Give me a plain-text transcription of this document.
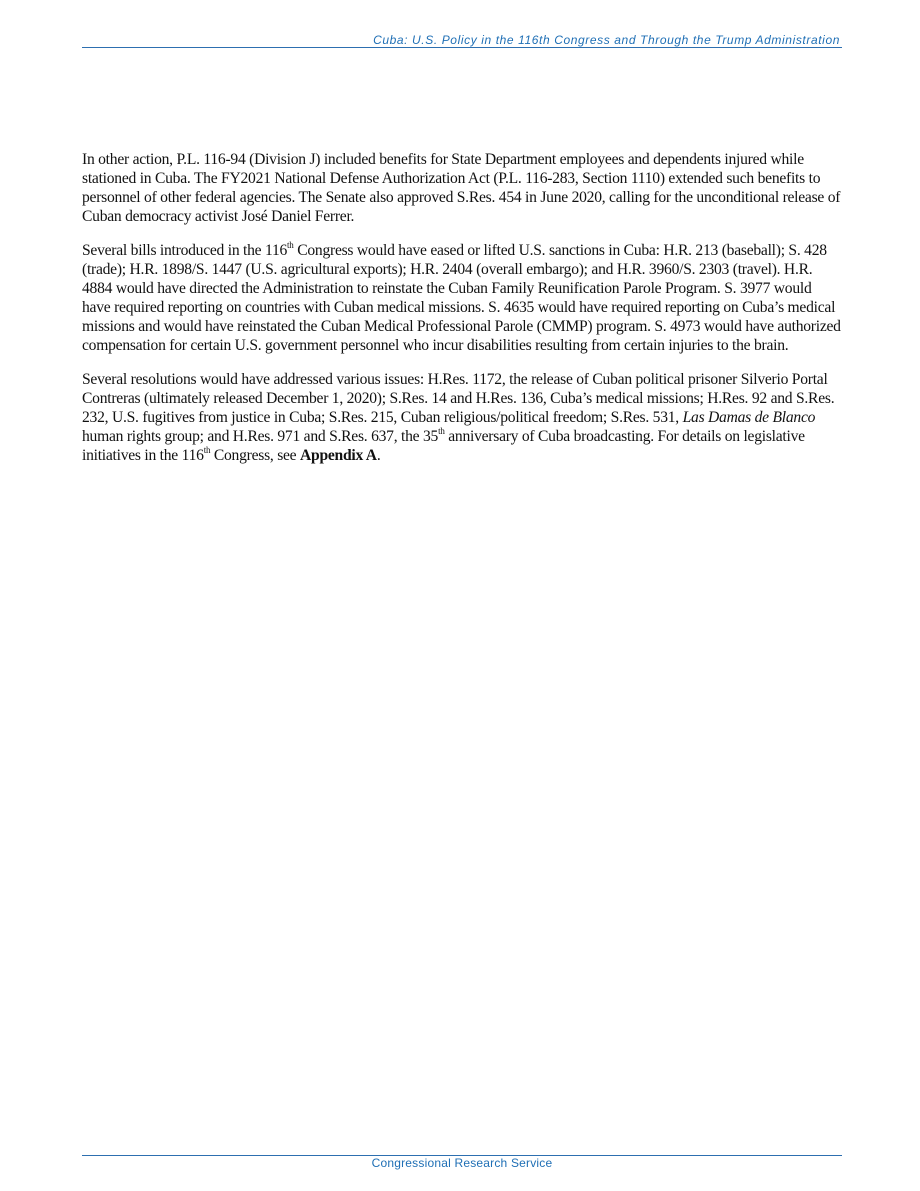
Cuba: U.S. Policy in the 116th Congress and Through the Trump Administration

In other action, P.L. 116-94 (Division J) included benefits for State Department employees and dependents injured while stationed in Cuba. The FY2021 National Defense Authorization Act (P.L. 116-283, Section 1110) extended such benefits to personnel of other federal agencies. The Senate also approved S.Res. 454 in June 2020, calling for the unconditional release of Cuban democracy activist José Daniel Ferrer.

Several bills introduced in the 116th Congress would have eased or lifted U.S. sanctions in Cuba: H.R. 213 (baseball); S. 428 (trade); H.R. 1898/S. 1447 (U.S. agricultural exports); H.R. 2404 (overall embargo); and H.R. 3960/S. 2303 (travel). H.R. 4884 would have directed the Administration to reinstate the Cuban Family Reunification Parole Program. S. 3977 would have required reporting on countries with Cuban medical missions. S. 4635 would have required reporting on Cuba’s medical missions and would have reinstated the Cuban Medical Professional Parole (CMMP) program. S. 4973 would have authorized compensation for certain U.S. government personnel who incur disabilities resulting from certain injuries to the brain.

Several resolutions would have addressed various issues: H.Res. 1172, the release of Cuban political prisoner Silverio Portal Contreras (ultimately released December 1, 2020); S.Res. 14 and H.Res. 136, Cuba’s medical missions; H.Res. 92 and S.Res. 232, U.S. fugitives from justice in Cuba; S.Res. 215, Cuban religious/political freedom; S.Res. 531, Las Damas de Blanco human rights group; and H.Res. 971 and S.Res. 637, the 35th anniversary of Cuba broadcasting. For details on legislative initiatives in the 116th Congress, see Appendix A.

Congressional Research Service
